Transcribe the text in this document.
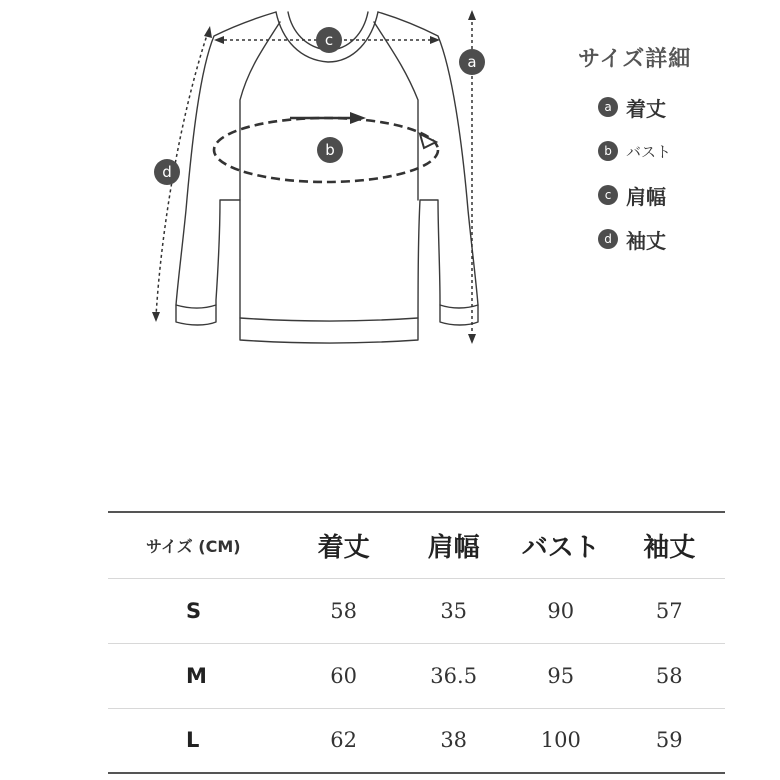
c
b
a
d
サイズ詳細
a 着丈
b バスト
c 肩幅
d 袖丈
サイズ (CM)	着丈	肩幅	バスト	袖丈
S	58	35	90	57
M	60	36.5	95	58
L	62	38	100	59
